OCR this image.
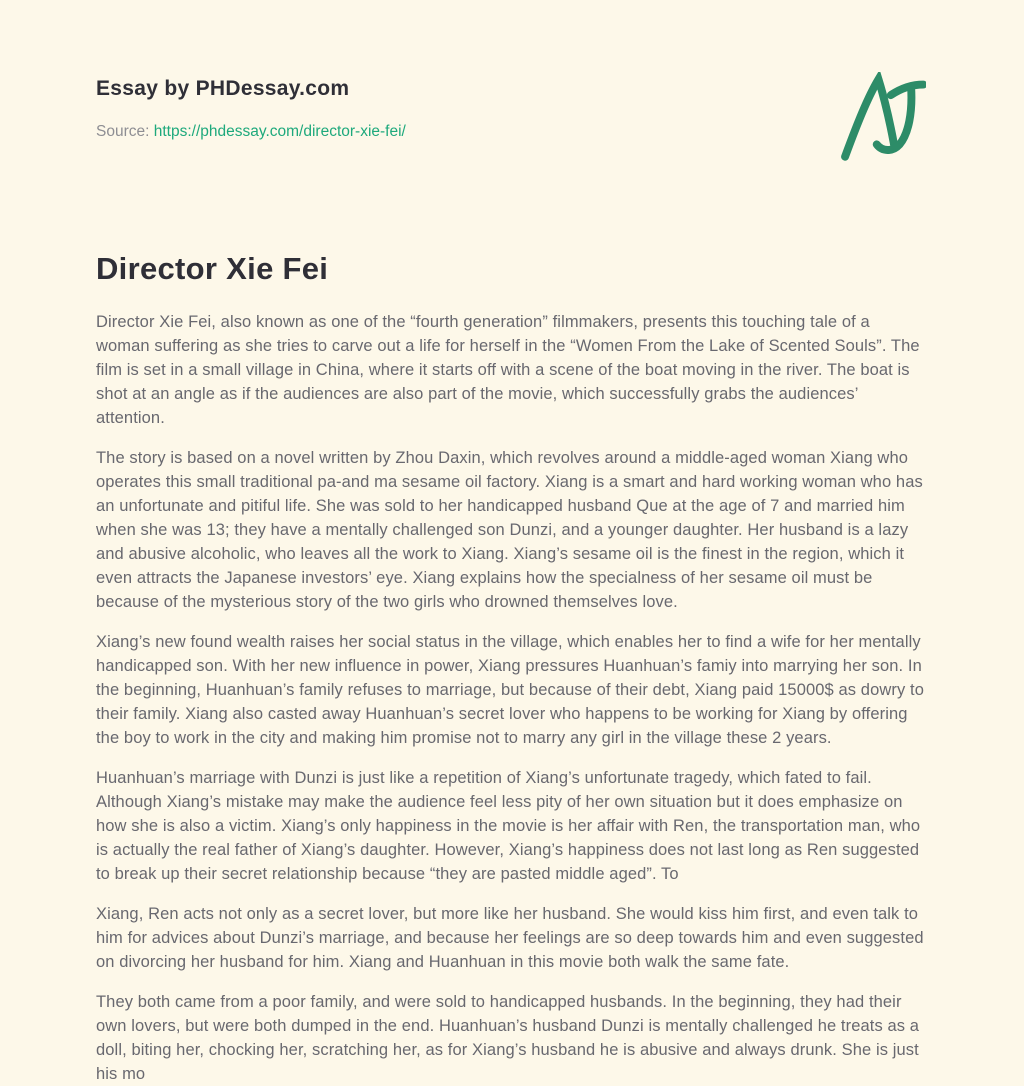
Essay by PHDessay.com
Source: https://phdessay.com/director-xie-fei/
Director Xie Fei

Director Xie Fei, also known as one of the “fourth generation” filmmakers, presents this touching tale of a woman suffering as she tries to carve out a life for herself in the “Women From the Lake of Scented Souls”. The film is set in a small village in China, where it starts off with a scene of the boat moving in the river. The boat is shot at an angle as if the audiences are also part of the movie, which successfully grabs the audiences’ attention.

The story is based on a novel written by Zhou Daxin, which revolves around a middle-aged woman Xiang who operates this small traditional pa-and ma sesame oil factory. Xiang is a smart and hard working woman who has an unfortunate and pitiful life. She was sold to her handicapped husband Que at the age of 7 and married him when she was 13; they have a mentally challenged son Dunzi, and a younger daughter. Her husband is a lazy and abusive alcoholic, who leaves all the work to Xiang. Xiang’s sesame oil is the finest in the region, which it even attracts the Japanese investors’ eye. Xiang explains how the specialness of her sesame oil must be because of the mysterious story of the two girls who drowned themselves love.

Xiang’s new found wealth raises her social status in the village, which enables her to find a wife for her mentally handicapped son. With her new influence in power, Xiang pressures Huanhuan’s famiy into marrying her son. In the beginning, Huanhuan’s family refuses to marriage, but because of their debt, Xiang paid 15000$ as dowry to their family. Xiang also casted away Huanhuan’s secret lover who happens to be working for Xiang by offering the boy to work in the city and making him promise not to marry any girl in the village these 2 years.

Huanhuan’s marriage with Dunzi is just like a repetition of Xiang’s unfortunate tragedy, which fated to fail. Although Xiang’s mistake may make the audience feel less pity of her own situation but it does emphasize on how she is also a victim. Xiang’s only happiness in the movie is her affair with Ren, the transportation man, who is actually the real father of Xiang’s daughter. However, Xiang’s happiness does not last long as Ren suggested to break up their secret relationship because “they are pasted middle aged”. To

Xiang, Ren acts not only as a secret lover, but more like her husband. She would kiss him first, and even talk to him for advices about Dunzi’s marriage, and because her feelings are so deep towards him and even suggested on divorcing her husband for him. Xiang and Huanhuan in this movie both walk the same fate.

They both came from a poor family, and were sold to handicapped husbands. In the beginning, they had their own lovers, but were both dumped in the end. Huanhuan’s husband Dunzi is mentally challenged he treats as a doll, biting her, chocking her, scratching her, as for Xiang’s husband he is abusive and always drunk. She is just his mo
